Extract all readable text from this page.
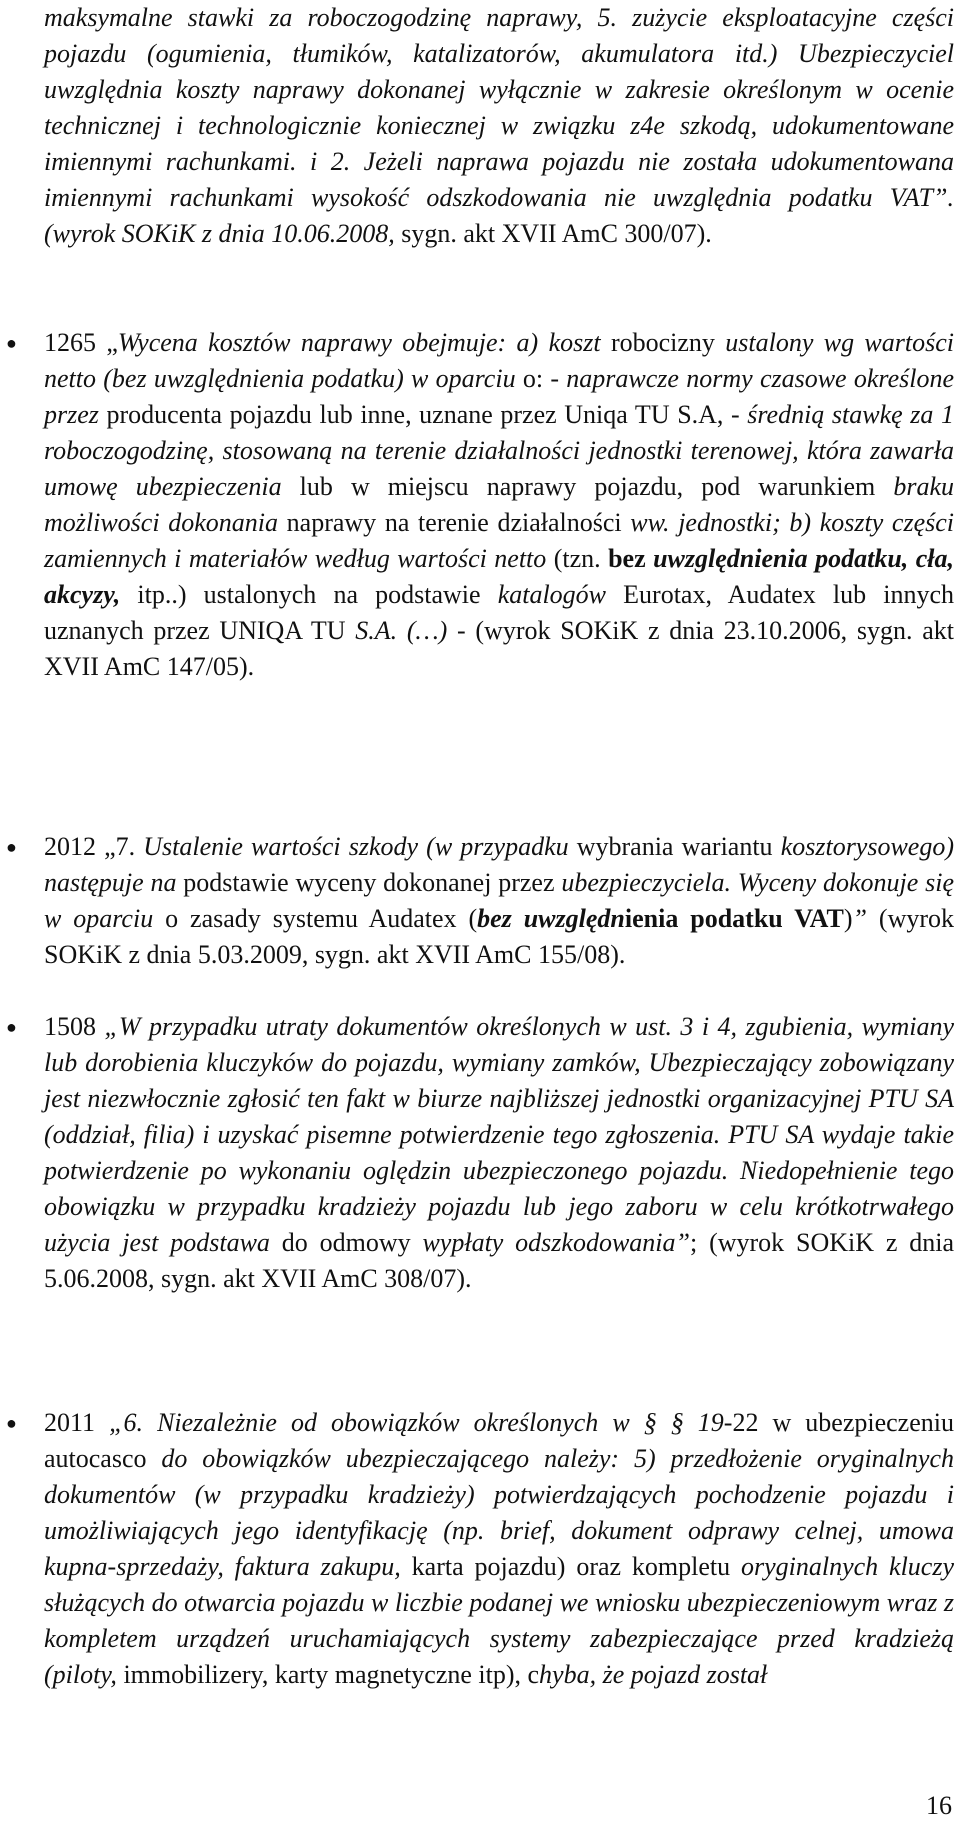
maksymalne stawki za roboczogodzinę naprawy, 5. zużycie eksploatacyjne części pojazdu (ogumienia, tłumików, katalizatorów, akumulatora itd.) Ubezpieczyciel uwzględnia koszty naprawy dokonanej wyłącznie w zakresie określonym w ocenie technicznej i technologicznie koniecznej w związku z4e szkodą, udokumentowane imiennymi rachunkami. i 2. Jeżeli naprawa pojazdu nie została udokumentowana imiennymi rachunkami wysokość odszkodowania nie uwzględnia podatku VAT”. (wyrok SOKiK z dnia 10.06.2008, sygn. akt XVII AmC 300/07).
● 1265 „Wycena kosztów naprawy obejmuje: a) koszt robocizny ustalony wg wartości netto (bez uwzględnienia podatku) w oparciu o: - naprawcze normy czasowe określone przez producenta pojazdu lub inne, uznane przez Uniqa TU S.A, - średnią stawkę za 1 roboczogodzinę, stosowaną na terenie działalności jednostki terenowej, która zawarła umowę ubezpieczenia lub w miejscu naprawy pojazdu, pod warunkiem braku możliwości dokonania naprawy na terenie działalności ww. jednostki; b) koszty części zamiennych i materiałów według wartości netto (tzn. bez uwzględnienia podatku, cła, akcyzy, itp..) ustalonych na podstawie katalogów Eurotax, Audatex lub innych uznanych przez UNIQA TU S.A. (…) - (wyrok SOKiK z dnia 23.10.2006, sygn. akt XVII AmC 147/05).
● 2012 „7. Ustalenie wartości szkody (w przypadku wybrania wariantu kosztorysowego) następuje na podstawie wyceny dokonanej przez ubezpieczyciela. Wyceny dokonuje się w oparciu o zasady systemu Audatex (bez uwzględnienia podatku VAT)” (wyrok SOKiK z dnia 5.03.2009, sygn. akt XVII AmC 155/08).
● 1508 „W przypadku utraty dokumentów określonych w ust. 3 i 4, zgubienia, wymiany lub dorobienia kluczyków do pojazdu, wymiany zamków, Ubezpieczający zobowiązany jest niezwłocznie zgłosić ten fakt w biurze najbliższej jednostki organizacyjnej PTU SA (oddział, filia) i uzyskać pisemne potwierdzenie tego zgłoszenia. PTU SA wydaje takie potwierdzenie po wykonaniu oględzin ubezpieczonego pojazdu. Niedopełnienie tego obowiązku w przypadku kradzieży pojazdu lub jego zaboru w celu krótkotrwałego użycia jest podstawa do odmowy wypłaty odszkodowania”; (wyrok SOKiK z dnia 5.06.2008, sygn. akt XVII AmC 308/07).
● 2011 „6. Niezależnie od obowiązków określonych w § § 19-22 w ubezpieczeniu autocasco do obowiązków ubezpieczającego należy: 5) przedłożenie oryginalnych dokumentów (w przypadku kradzieży) potwierdzających pochodzenie pojazdu i umożliwiających jego identyfikację (np. brief, dokument odprawy celnej, umowa kupna-sprzedaży, faktura zakupu, karta pojazdu) oraz kompletu oryginalnych kluczy służących do otwarcia pojazdu w liczbie podanej we wniosku ubezpieczeniowym wraz z kompletem urządzeń uruchamiających systemy zabezpieczające przed kradzieżą (piloty, immobilizery, karty magnetyczne itp), chyba, że pojazd został
16
